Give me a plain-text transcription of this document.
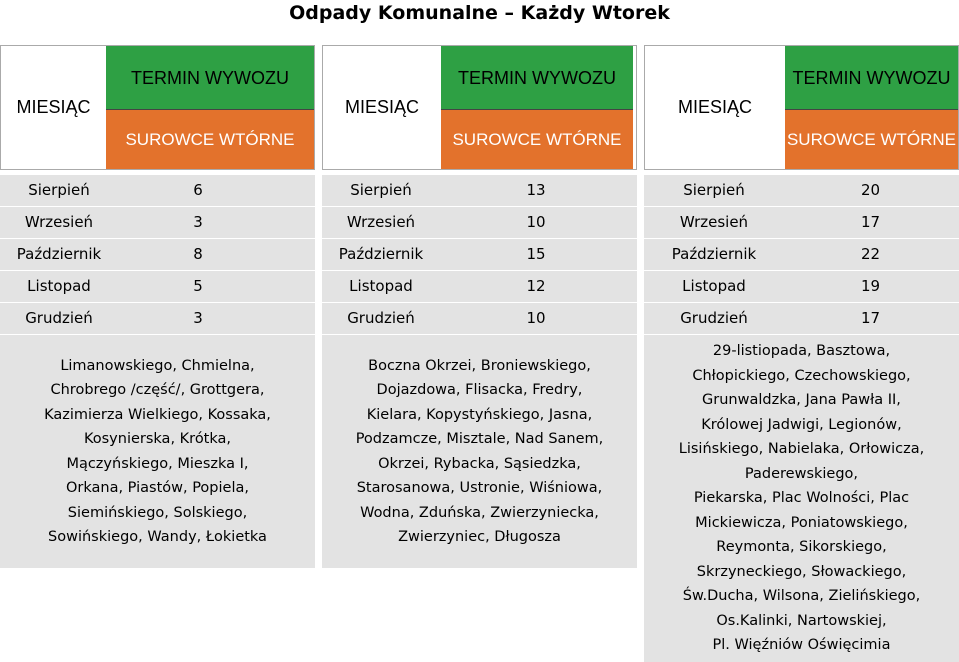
Odpady Komunalne – Każdy Wtorek
MIESIĄC
TERMIN WYWOZU
SUROWCE WTÓRNE
Sierpień	6
Wrzesień	3
Październik	8
Listopad	5
Grudzień	3
Limanowskiego, Chmielna,
Chrobrego /część/, Grottgera,
Kazimierza Wielkiego, Kossaka,
Kosynierska, Krótka,
Mączyńskiego, Mieszka I,
Orkana, Piastów, Popiela,
Siemińskiego, Solskiego,
Sowińskiego, Wandy, Łokietka
MIESIĄC
TERMIN WYWOZU
SUROWCE WTÓRNE
Sierpień	13
Wrzesień	10
Październik	15
Listopad	12
Grudzień	10
Boczna Okrzei, Broniewskiego,
Dojazdowa, Flisacka, Fredry,
Kielara, Kopystyńskiego, Jasna,
Podzamcze, Misztale, Nad Sanem,
Okrzei, Rybacka, Sąsiedzka,
Starosanowa, Ustronie, Wiśniowa,
Wodna, Zduńska, Zwierzyniecka,
Zwierzyniec, Długosza
MIESIĄC
TERMIN WYWOZU
SUROWCE WTÓRNE
Sierpień	20
Wrzesień	17
Październik	22
Listopad	19
Grudzień	17
29-listiopada, Basztowa,
Chłopickiego, Czechowskiego,
Grunwaldzka, Jana Pawła II,
Królowej Jadwigi, Legionów,
Lisińskiego, Nabielaka, Orłowicza,
Paderewskiego,
Piekarska, Plac Wolności, Plac
Mickiewicza, Poniatowskiego,
Reymonta, Sikorskiego,
Skrzyneckiego, Słowackiego,
Św.Ducha, Wilsona, Zielińskiego,
Os.Kalinki, Nartowskiej,
Pl. Więźniów Oświęcimia
